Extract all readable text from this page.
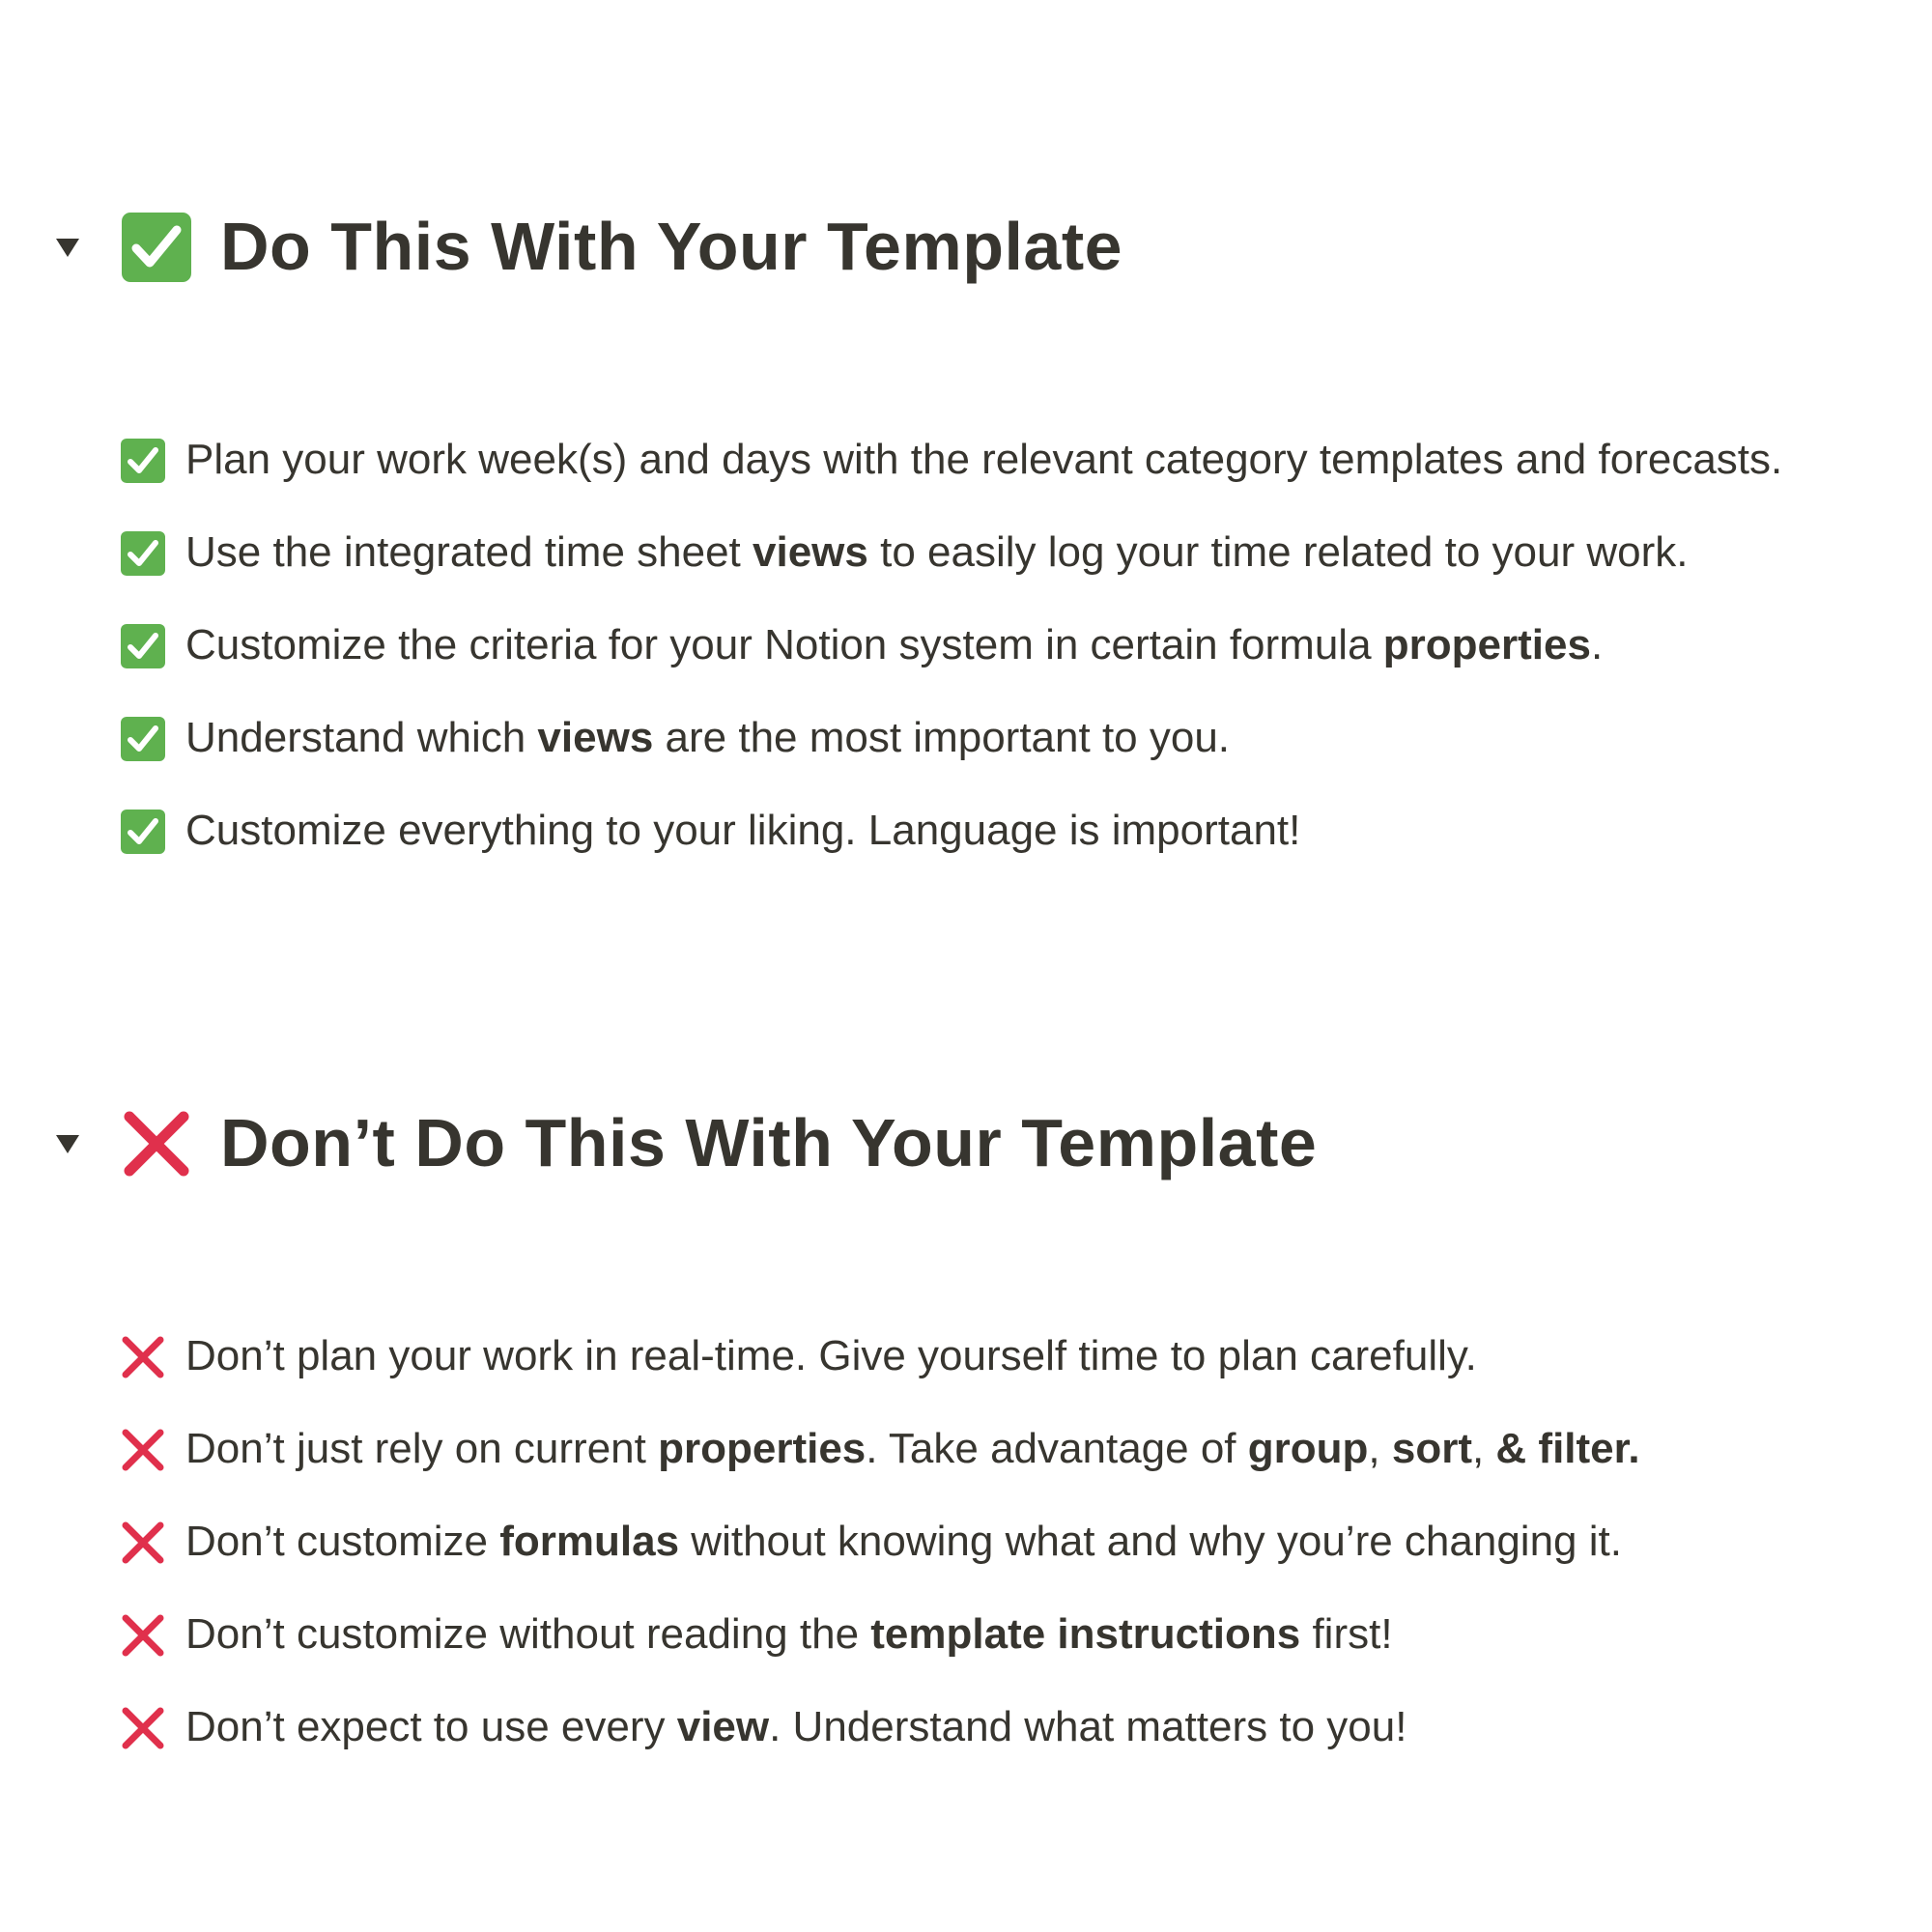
Do This With Your Template
Plan your work week(s) and days with the relevant category templates and forecasts.
Use the integrated time sheet views to easily log your time related to your work.
Customize the criteria for your Notion system in certain formula properties.
Understand which views are the most important to you.
Customize everything to your liking. Language is important!
Don’t Do This With Your Template
Don’t plan your work in real-time. Give yourself time to plan carefully.
Don’t just rely on current properties. Take advantage of group, sort, & filter.
Don’t customize formulas without knowing what and why you’re changing it.
Don’t customize without reading the template instructions first!
Don’t expect to use every view. Understand what matters to you!
